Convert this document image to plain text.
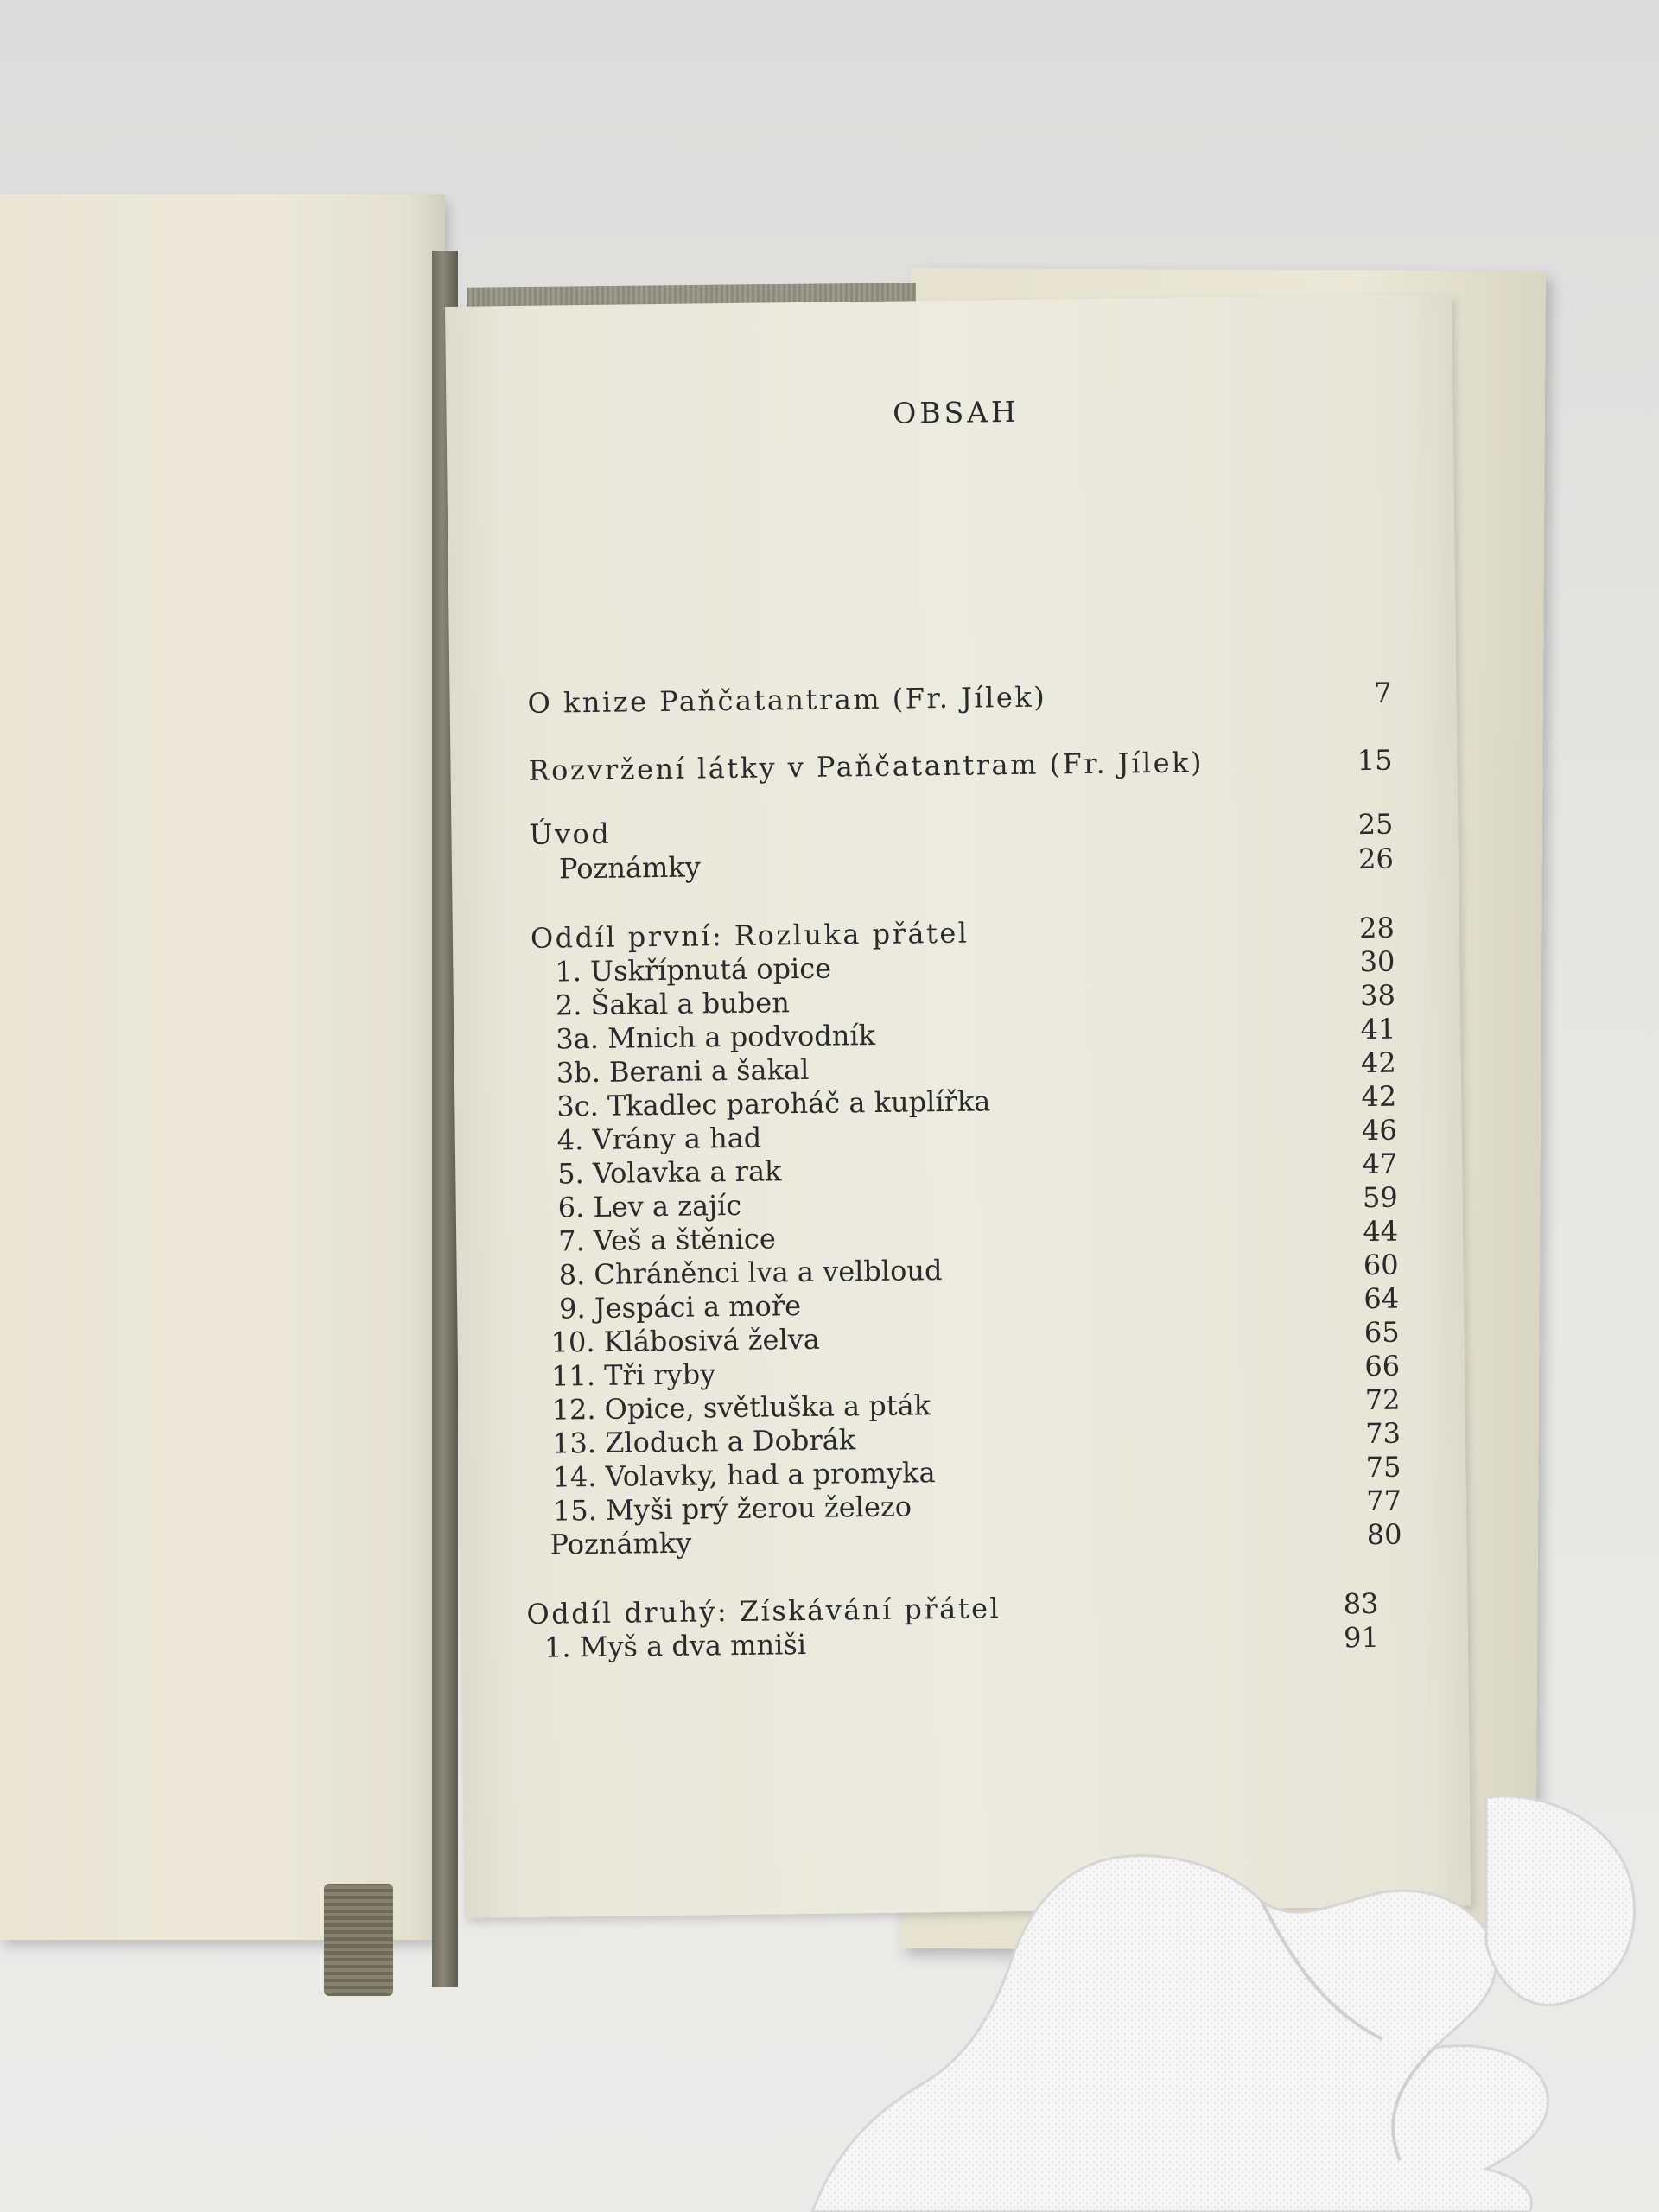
OBSAH
O knize Paňčatantram (Fr. Jílek)	7
Rozvržení látky v Paňčatantram (Fr. Jílek)	15
Úvod	25
Poznámky	26
Oddíl první: Rozluka přátel	28
1. Uskřípnutá opice	30
2. Šakal a buben	38
3a. Mnich a podvodník	41
3b. Berani a šakal	42
3c. Tkadlec paroháč a kuplířka	42
4. Vrány a had	46
5. Volavka a rak	47
6. Lev a zajíc	59
7. Veš a štěnice	44
8. Chráněnci lva a velbloud	60
9. Jespáci a moře	64
10. Klábosivá želva	65
11. Tři ryby	66
12. Opice, světluška a pták	72
13. Zloduch a Dobrák	73
14. Volavky, had a promyka	75
15. Myši prý žerou železo	77
Poznámky	80
Oddíl druhý: Získávání přátel	83
1. Myš a dva mniši	91
